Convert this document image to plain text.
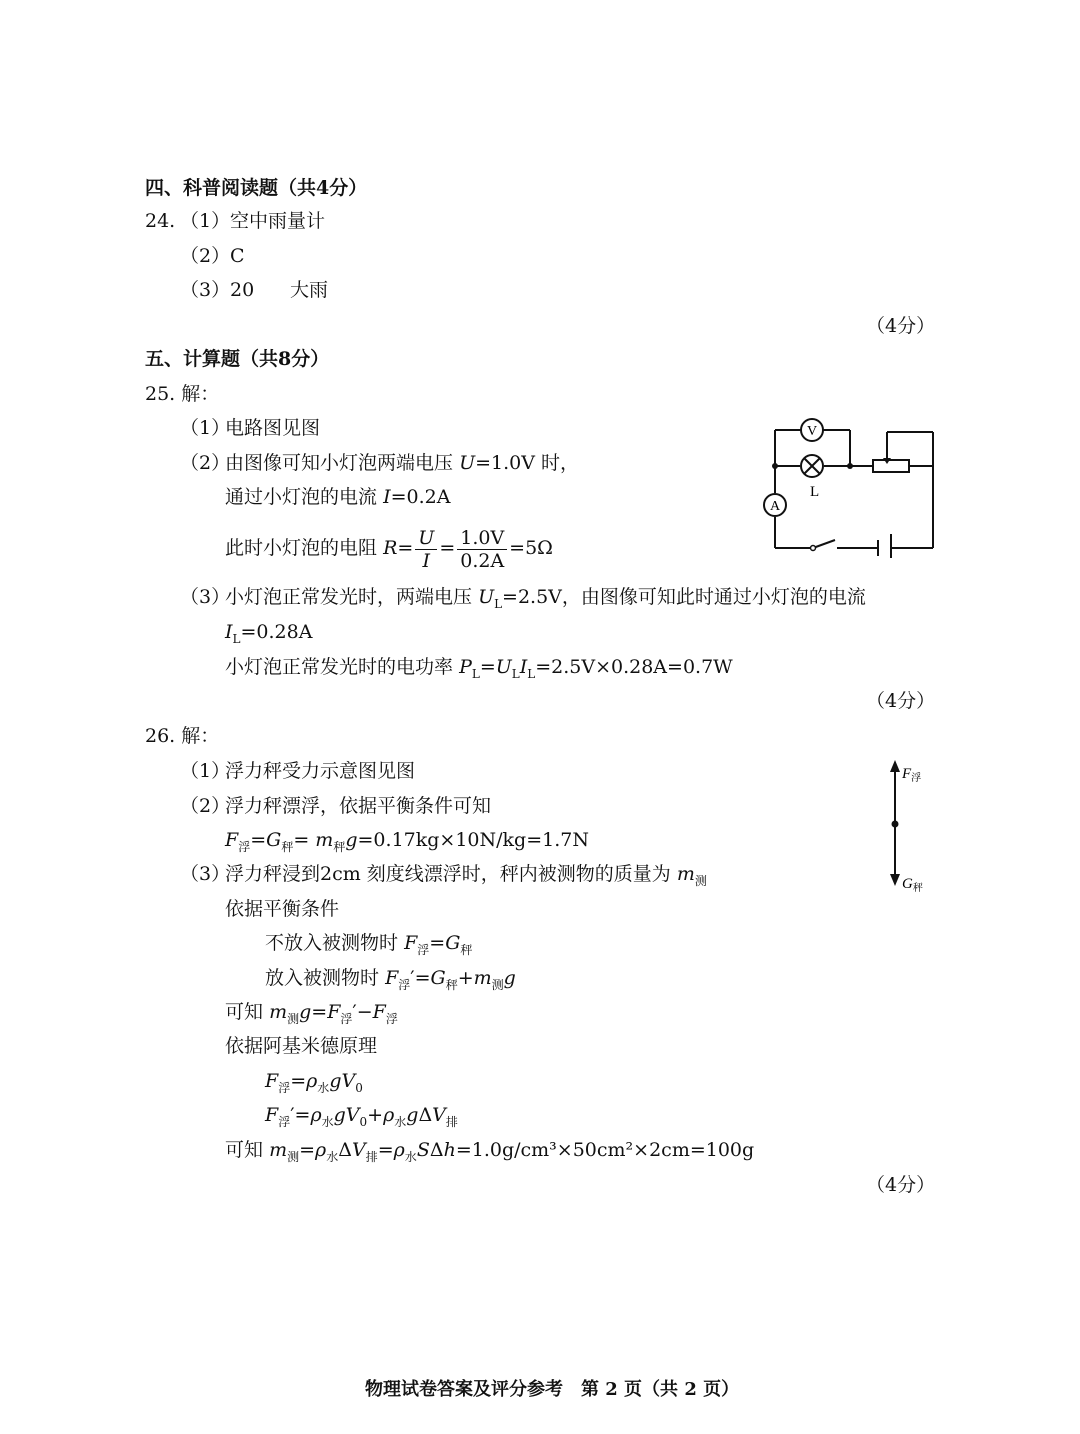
四、科普阅读题（共4分）
24. （1） 空中雨量计
（2） C
（3） 20 大雨
（4分）
五、计算题（共8分）
25. 解：
（1）
电路图见图
（2）
由图像可知小灯泡两端电压 U=1.0V 时，
通过小灯泡的电流 I=0.2A
此时小灯泡的电阻 $R= \frac{U}{I} = \frac{1.0V}{0.2A} =5\Omega$
（3）
小灯泡正常发光时，两端电压 $U_L=2.5V$，由图像可知此时通过小灯泡的电流
$I_L=0.28A$
小灯泡正常发光时的电功率 $P_L=U_LI_L=2.5V\times 0.28A=0.7W$
（4分）
V
L
A
26. 解：
（1）
浮力秤受力示意图见图
（2）
浮力秤漂浮，依据平衡条件可知
$F_浮=G_秤= m_秤g=0.17kg\times 10N/kg=1.7N$
（3）
浮力秤浸到2cm 刻度线漂浮时，秤内被测物的质量为 $m_测$
依据平衡条件
不放入被测物时 $F_浮=G_秤$
放入被测物时 $F_浮'=G_秤+m_测g$
可知 $m_测g=F_浮'-F_浮$
依据阿基米德原理
$F_浮=\rho_水gV_0$
$F_浮'=\rho_水gV_0+\rho_水g\Delta V_排$
可知 $m_测=\rho_水\Delta V_排=\rho_水S\Delta h=1.0g/cm^3\times 50cm^2\times 2cm=100g$
（4分）
$F_浮$
$G_秤$
物理试卷答案及评分参考　第 2 页（共 2 页）
